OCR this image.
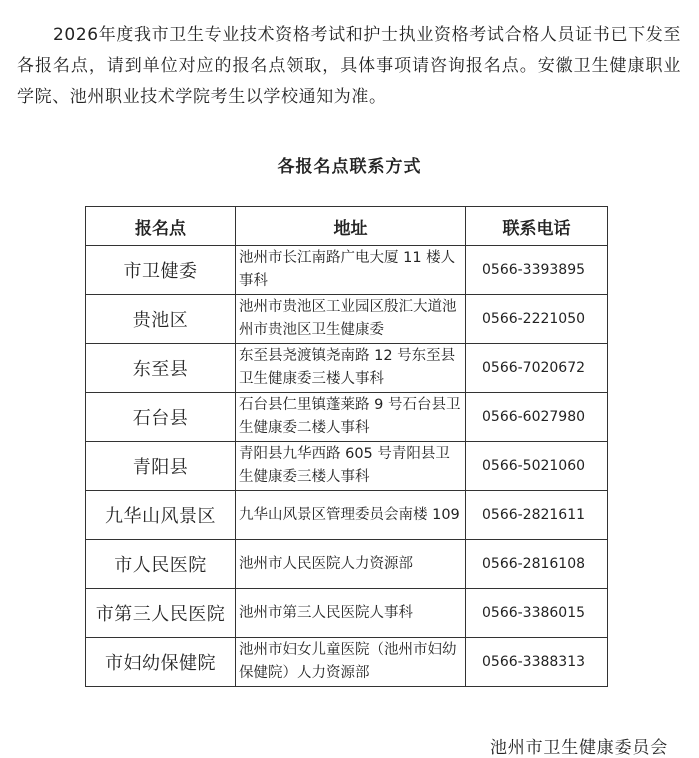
2026年度我市卫生专业技术资格考试和护士执业资格考试合格人员证书已下发至各报名点，请到单位对应的报名点领取，具体事项请咨询报名点。安徽卫生健康职业学院、池州职业技术学院考生以学校通知为准。

各报名点联系方式

报名点	地址	联系电话
市卫健委	池州市长江南路广电大厦 11 楼人事科	0566-3393895
贵池区	池州市贵池区工业园区殷汇大道池州市贵池区卫生健康委	0566-2221050
东至县	东至县尧渡镇尧南路 12 号东至县卫生健康委三楼人事科	0566-7020672
石台县	石台县仁里镇蓬莱路 9 号石台县卫生健康委二楼人事科	0566-6027980
青阳县	青阳县九华西路 605 号青阳县卫生健康委三楼人事科	0566-5021060
九华山风景区	九华山风景区管理委员会南楼 109	0566-2821611
市人民医院	池州市人民医院人力资源部	0566-2816108
市第三人民医院	池州市第三人民医院人事科	0566-3386015
市妇幼保健院	池州市妇女儿童医院（池州市妇幼保健院）人力资源部	0566-3388313

池州市卫生健康委员会
